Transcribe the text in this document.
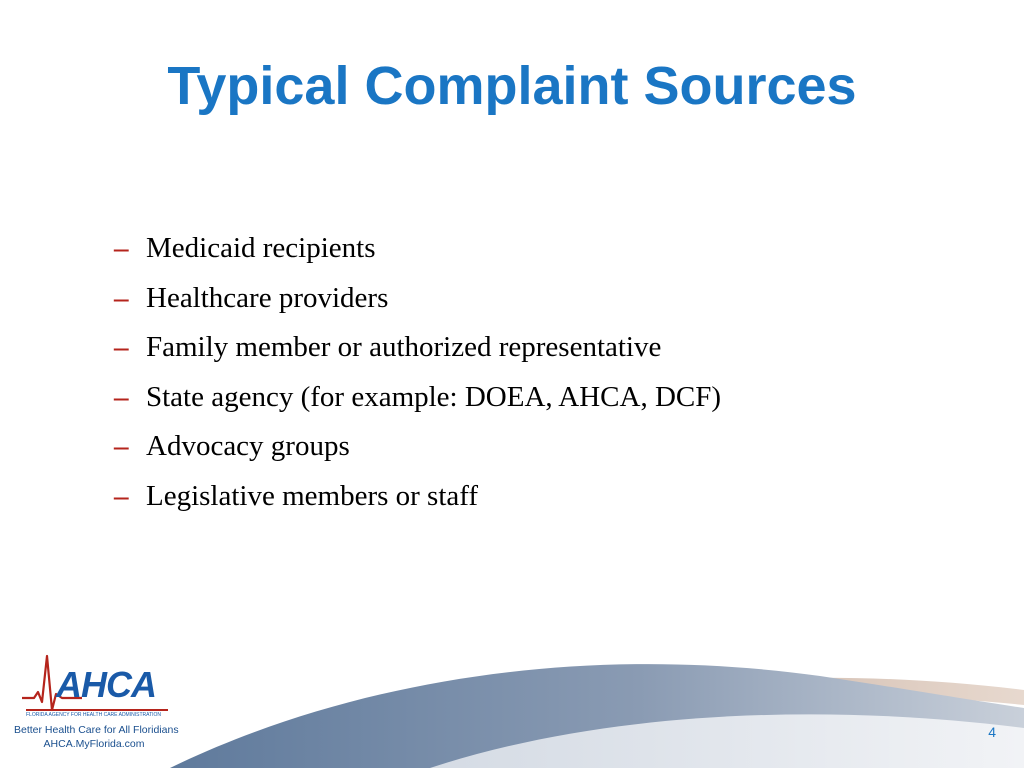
Typical Complaint Sources
– Medicaid recipients
– Healthcare providers
– Family member or authorized representative
– State agency (for example: DOEA, AHCA, DCF)
– Advocacy groups
– Legislative members or staff
AHCA
FLORIDA AGENCY FOR HEALTH CARE ADMINISTRATION
Better Health Care for All Floridians
AHCA.MyFlorida.com
4
